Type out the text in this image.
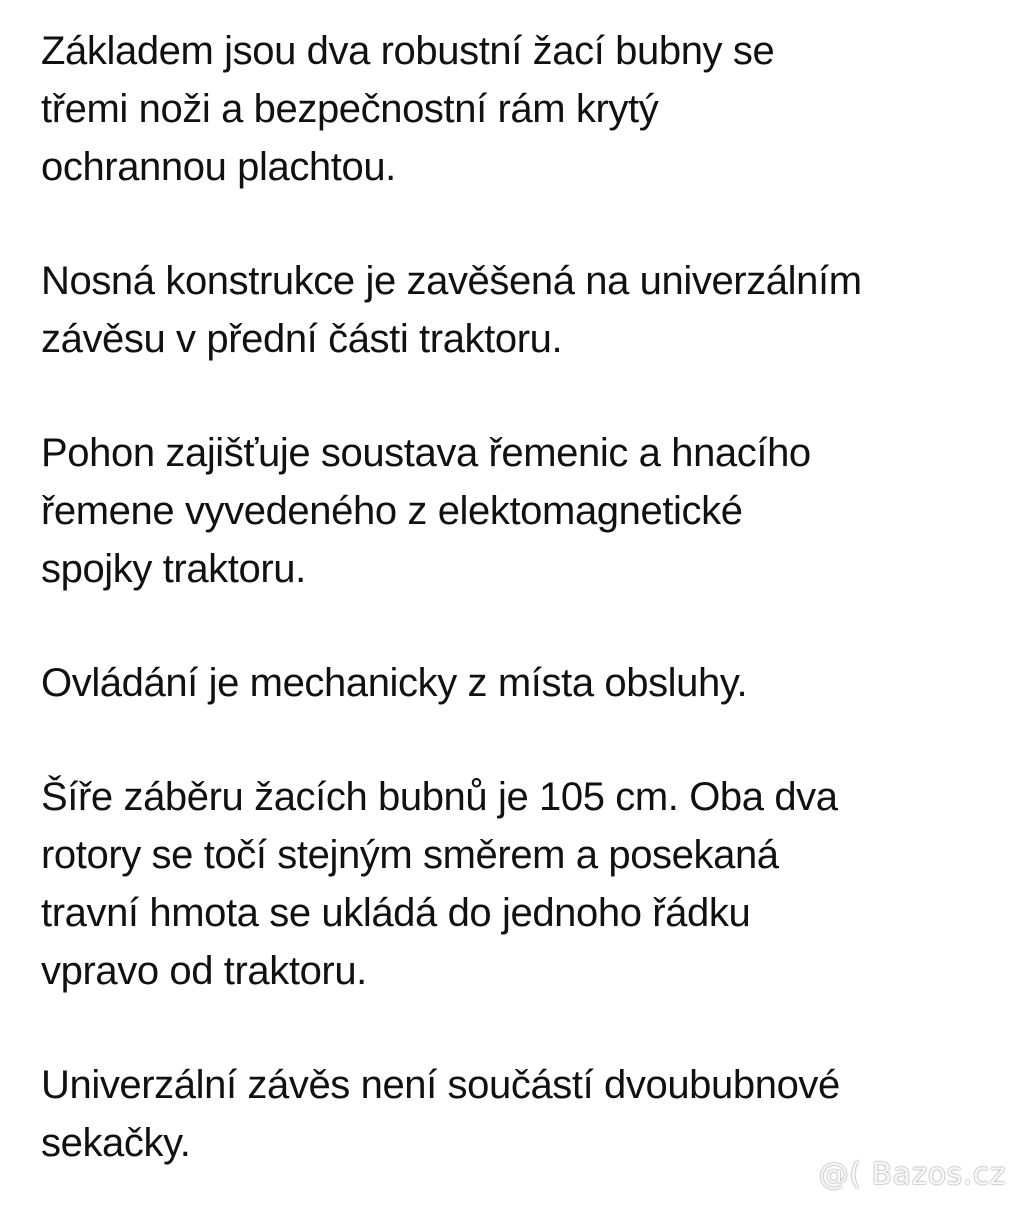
Základem jsou dva robustní žací bubny se
třemi noži a bezpečnostní rám krytý
ochrannou plachtou.

Nosná konstrukce je zavěšená na univerzálním
závěsu v přední části traktoru.

Pohon zajišťuje soustava řemenic a hnacího
řemene vyvedeného z elektomagnetické
spojky traktoru.

Ovládání je mechanicky z místa obsluhy.

Šíře záběru žacích bubnů je 105 cm. Oba dva
rotory se točí stejným směrem a posekaná
travní hmota se ukládá do jednoho řádku
vpravo od traktoru.

Univerzální závěs není součástí dvoububnové
sekačky.

@( Bazos.cz
